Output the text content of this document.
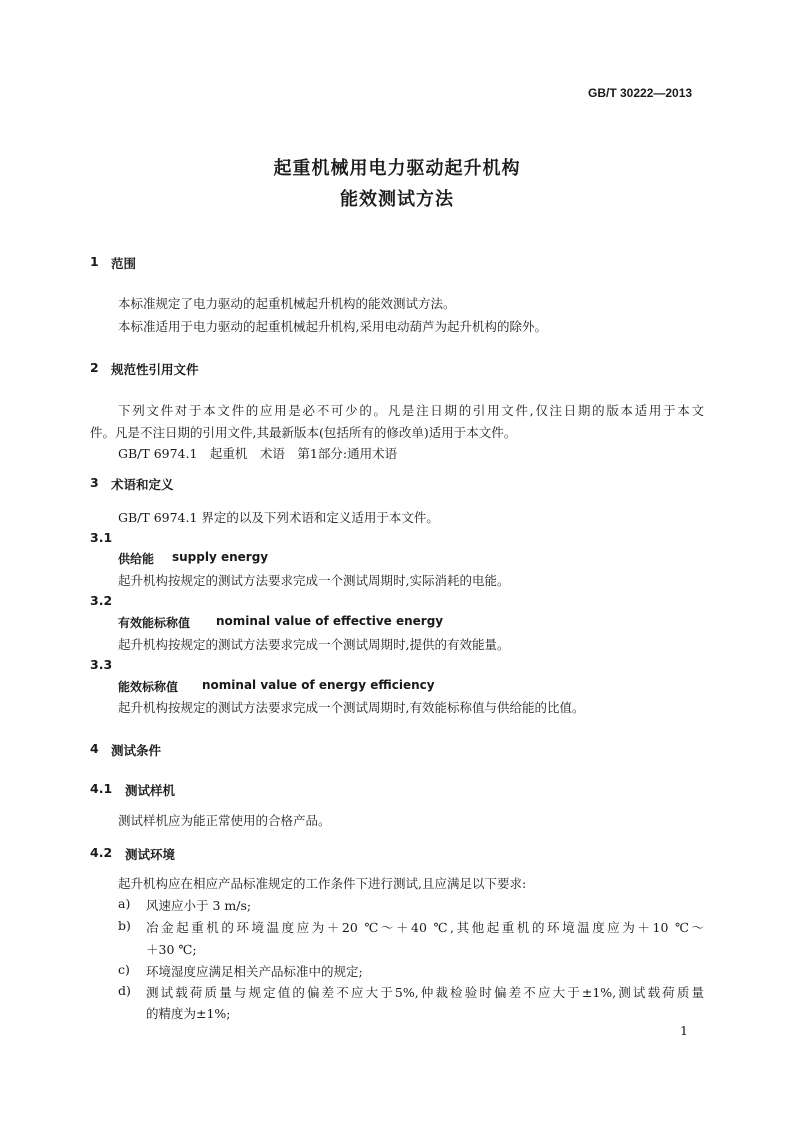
GB/T 30222—2013
起重机械用电力驱动起升机构
能效测试方法
1 范围
本标准规定了电力驱动的起重机械起升机构的能效测试方法。
本标准适用于电力驱动的起重机械起升机构,采用电动葫芦为起升机构的除外。
2 规范性引用文件
下列文件对于本文件的应用是必不可少的。凡是注日期的引用文件,仅注日期的版本适用于本文
件。凡是不注日期的引用文件,其最新版本(包括所有的修改单)适用于本文件。
GB/T 6974.1　起重机　术语　第1部分:通用术语
3 术语和定义
GB/T 6974.1 界定的以及下列术语和定义适用于本文件。
3.1
供给能 supply energy
起升机构按规定的测试方法要求完成一个测试周期时,实际消耗的电能。
3.2
有效能标称值 nominal value of effective energy
起升机构按规定的测试方法要求完成一个测试周期时,提供的有效能量。
3.3
能效标称值 nominal value of energy efficiency
起升机构按规定的测试方法要求完成一个测试周期时,有效能标称值与供给能的比值。
4 测试条件
4.1 测试样机
测试样机应为能正常使用的合格产品。
4.2 测试环境
起升机构应在相应产品标准规定的工作条件下进行测试,且应满足以下要求:
a) 风速应小于 3 m/s;
b) 冶金起重机的环境温度应为＋20 ℃～＋40 ℃,其他起重机的环境温度应为＋10 ℃～
＋30 ℃;
c) 环境湿度应满足相关产品标准中的规定;
d) 测试载荷质量与规定值的偏差不应大于5%,仲裁检验时偏差不应大于±1%,测试载荷质量
的精度为±1%;
1
